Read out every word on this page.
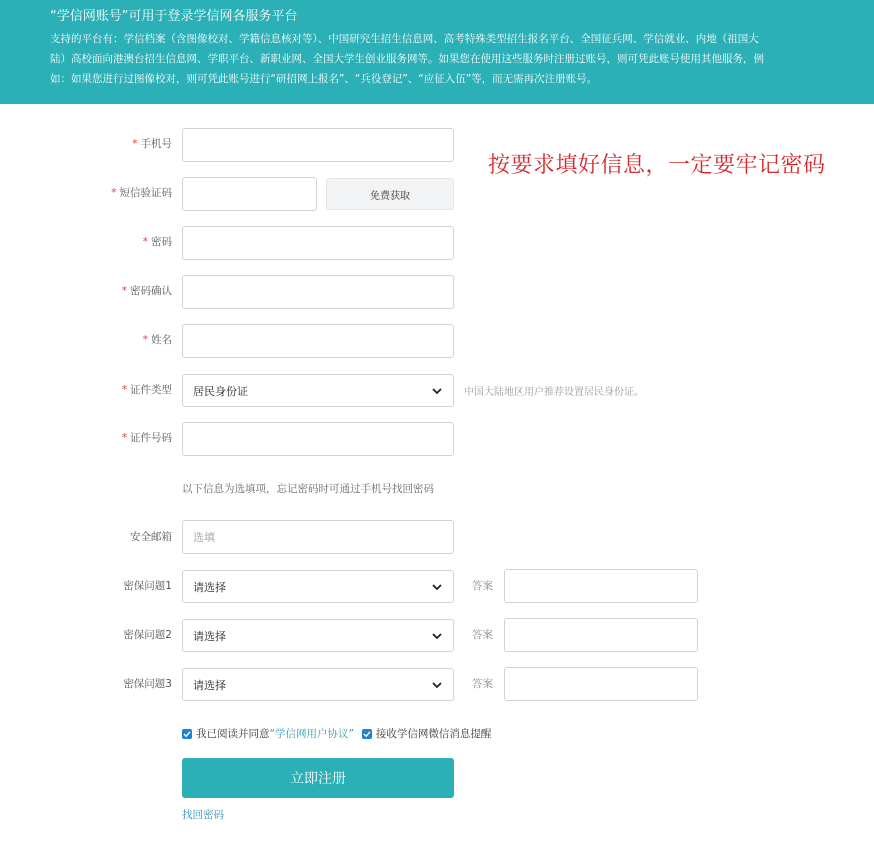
“学信网账号”可用于登录学信网各服务平台
支持的平台有：学信档案（含图像校对、学籍信息核对等）、中国研究生招生信息网、高考特殊类型招生报名平台、全国征兵网、学信就业、内地（祖国大
陆）高校面向港澳台招生信息网、学职平台、新职业网、全国大学生创业服务网等。如果您在使用这些服务时注册过账号，则可凭此账号使用其他服务，例
如：如果您进行过图像校对，则可凭此账号进行“研招网上报名”、“兵役登记”、“应征入伍”等，而无需再次注册账号。
按要求填好信息，一定要牢记密码
* 手机号
* 短信验证码	免费获取
* 密码
* 密码确认
* 姓名
* 证件类型 居民身份证	中国大陆地区用户推荐设置居民身份证。
* 证件号码
以下信息为选填项，忘记密码时可通过手机号找回密码
安全邮箱 选填
密保问题1 请选择	答案
密保问题2 请选择	答案
密保问题3 请选择	答案
我已阅读并同意 “学信网用户协议” 接收学信网微信消息提醒
立即注册
找回密码
